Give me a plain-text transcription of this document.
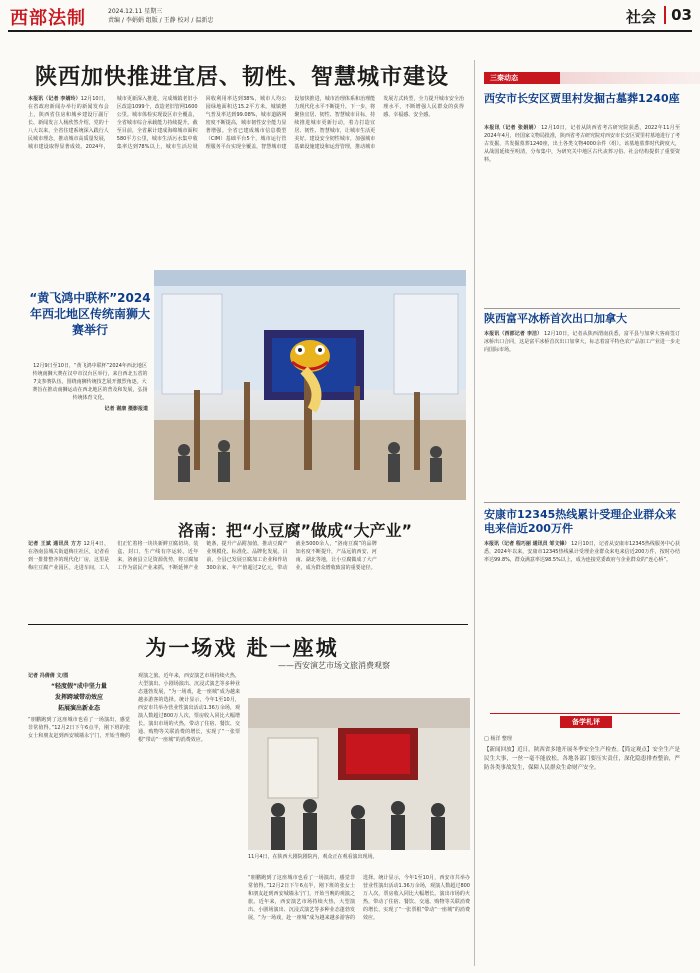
西部法制	2024.12.11 星期三
责编 / 李娟娟 组版 / 王静 校对 / 温新忠	社会	03
陕西加快推进宜居、韧性、智慧城市建设
本报讯（记者 李婧玲）12月10日，在省政府新闻办举行的新闻发布会上，陕西省住房和城乡建设厅副厅长、新闻发言人杨欣然介绍，党的十八大以来，全省住建系统深入践行人民城市理念，推动城市高质量发展，城市建设取得显著成效。2024年，城市更新深入推进，完成城镇老旧小区改造1099个，改造老旧管网1600公里。城市体检实现设区市全覆盖，全省城市综合承载能力持续提升。截至目前，全省累计建成海绵城市面积580平方公里，城市生活污水集中收集率达到78%以上，城市生活垃圾回收利用率达到38%，城市人均公园绿地面积达15.2平方米。城镇燃气普及率达到99.08%，城市道路网密度不断提高，城市韧性安全能力显著增强。全省已建成城市信息模型（CIM）基础平台5个，城市运行管理服务平台实现全覆盖，智慧城市建设加快推进，城市治理体系和治理能力现代化水平不断提升。下一步，将聚焦宜居、韧性、智慧城市目标，持续推进城市更新行动，着力打造宜居、韧性、智慧城市，让城市生活更美好。建设安全韧性城市，加强城市基础设施建设和运营管理，推动城市发展方式转型，全力提升城市安全治理水平，不断增强人民群众的获得感、幸福感、安全感。
“黄飞鸿中联杯”2024年西北地区传统南狮大赛举行
12月9日至10日，“黄飞鸿中联杯”2024年西北地区传统南狮大赛在汉中市汉台区举行，来自西北五省的7支参赛队伍，围绕南狮传统技艺展开激烈角逐。大赛旨在推动南狮运动在西北地区的普及和发展，弘扬传统体育文化。
记者 谢康 摄影报道
洛南：把“小豆腐”做成“大产业”
记者 王斌 通讯员 方方 12月4日，在洛南县城关街道梅庄社区，记者看到一排排整齐的现代化厂房，这里是梅庄豆腐产业园区。走进车间，工人们正忙着将一块块新鲜豆腐切块、装盒、封口，生产线有序运转。近年来，洛南县立足资源优势，将豆腐加工作为富民产业来抓，不断延伸产业链条，提升产品附加值，推动豆腐产业规模化、标准化、品牌化发展。目前，全县已发展豆腐加工企业和作坊300余家，年产值超过2亿元，带动就业5000余人，“洛南豆腐”的品牌知名度不断提升，产品远销西安、河南、湖北等地，让小豆腐做成了大产业，成为群众增收致富的重要途径。
为一场戏 赴一座城
——西安演艺市场文旅消费观察
记者 冯倩倩 文/图
“轻度假”成中坚力量
发挥跨域带动效应
拓展演出新业态
“朋鹏跑到了这座城市也看了一场演出，感觉非常值得。”12月2日下午6点半，刚下班的张女士和朋友赶到西安城墙永宁门，开始当晚的观演之旅。近年来，西安演艺市场持续火热，大型演出、小剧场演出、沉浸式演艺等多种业态蓬勃发展，“为一场戏，赴一座城”成为越来越多游客的选择。统计显示，今年1至10月，西安市共举办营业性演出活动1.36万余场，观演人数超过800万人次，票房收入同比大幅增长。演出市场的火热，带动了住宿、餐饮、交通、购物等关联消费的增长，实现了“一张票根”带动“一座城”的消费效应。
11月4日，在陕西大剧院剧院内，观众正在观看演出现场。
“朋鹏跑到了这座城市也看了一场演出，感觉非常值得。”12月2日下午6点半，刚下班的张女士和朋友赶到西安城墙永宁门，开始当晚的观演之旅。近年来，西安演艺市场持续火热，大型演出、小剧场演出、沉浸式演艺等多种业态蓬勃发展，“为一场戏，赴一座城”成为越来越多游客的选择。统计显示，今年1至10月，西安市共举办营业性演出活动1.36万余场，观演人数超过800万人次，票房收入同比大幅增长。演出市场的火热，带动了住宿、餐饮、交通、购物等关联消费的增长，实现了“一张票根”带动“一座城”的消费效应。
三秦动态
西安市长安区贾里村发掘古墓葬1240座
本报讯（记者 张娟娟） 12月10日，记者从陕西省考古研究院获悉，2022年11月至2024年4月，经国家文物局批准，陕西省考古研究院对西安市长安区贾里村墓地进行了考古发掘，共发掘墓葬1240座，出土各类文物4000余件（组）。该墓地墓葬时代跨度大，从战国延续至明清，分布集中，为研究关中地区古代丧葬习俗、社会结构提供了重要资料。
陕西富平冰桥首次出口加拿大
本报讯（西部记者 李洁） 12月10日，记者从陕西渭南获悉，富平县与加拿大客商签订冰桥出口合同，这是富平冰桥首次出口加拿大，标志着富平特色农产品加工产业进一步走向国际市场。
安康市12345热线累计受理企业群众来电来信近200万件
本报讯（记者 程巧丽 通讯员 邹文锋） 12月10日，记者从安康市12345热线服务中心获悉，2024年以来，安康市12345热线累计受理企业群众来电来信近200万件，按时办结率达99.8%，群众满意率达98.5%以上，成为连接党委政府与企业群众的“连心桥”。
备学札评
□ 杨洋 整理
【新闻回放】近日，陕西省多地开展冬季安全生产检查。【简定观点】安全生产是民生大事，一丝一毫不能放松。各地各部门要压实责任，深化隐患排查整治，严防各类事故发生，保障人民群众生命财产安全。
